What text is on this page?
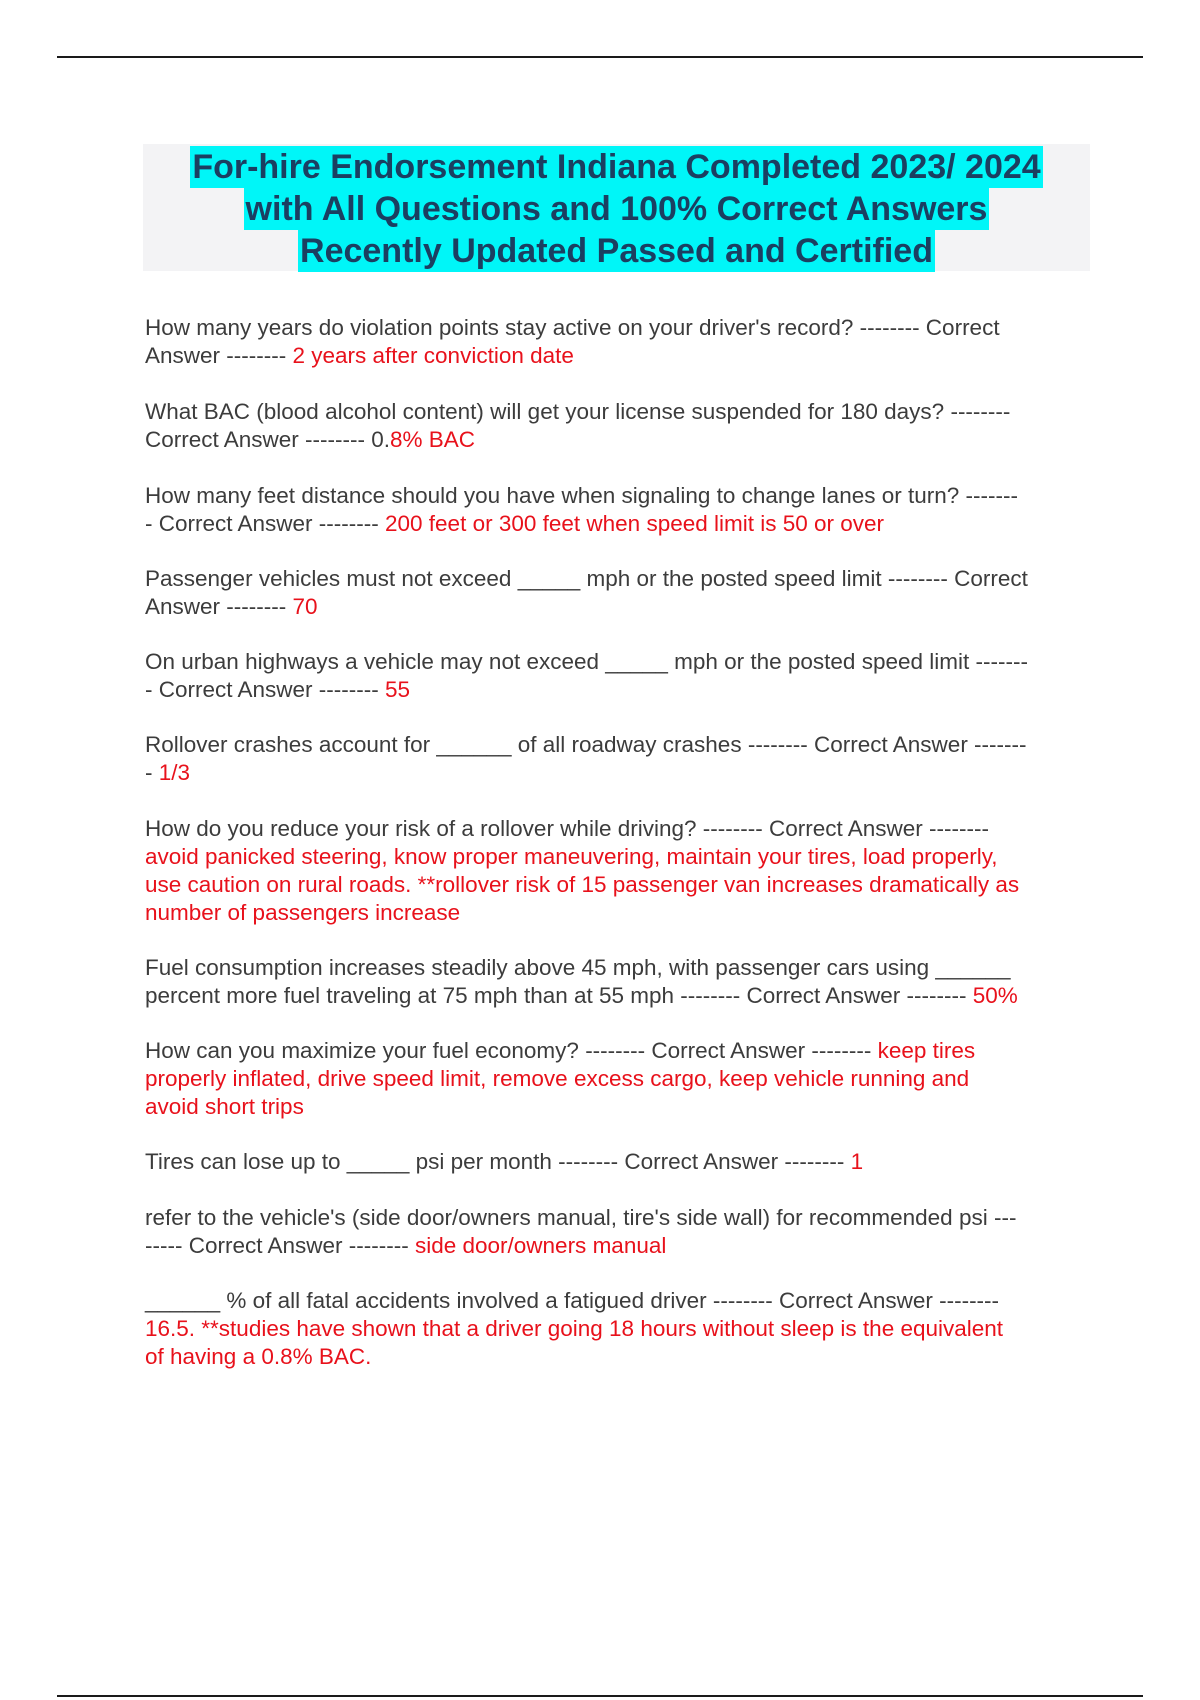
For-hire Endorsement Indiana Completed 2023/ 2024
with All Questions and 100% Correct Answers
Recently Updated Passed and Certified
How many years do violation points stay active on your driver's record? -------- Correct
Answer -------- 2 years after conviction date
What BAC (blood alcohol content) will get your license suspended for 180 days? --------
Correct Answer -------- 0.8% BAC
How many feet distance should you have when signaling to change lanes or turn? -------
- Correct Answer -------- 200 feet or 300 feet when speed limit is 50 or over
Passenger vehicles must not exceed _____ mph or the posted speed limit -------- Correct
Answer -------- 70
On urban highways a vehicle may not exceed _____ mph or the posted speed limit -------
- Correct Answer -------- 55
Rollover crashes account for ______ of all roadway crashes -------- Correct Answer -------
- 1/3
How do you reduce your risk of a rollover while driving? -------- Correct Answer --------
avoid panicked steering, know proper maneuvering, maintain your tires, load properly,
use caution on rural roads. **rollover risk of 15 passenger van increases dramatically as
number of passengers increase
Fuel consumption increases steadily above 45 mph, with passenger cars using ______
percent more fuel traveling at 75 mph than at 55 mph -------- Correct Answer -------- 50%
How can you maximize your fuel economy? -------- Correct Answer -------- keep tires
properly inflated, drive speed limit, remove excess cargo, keep vehicle running and
avoid short trips
Tires can lose up to _____ psi per month -------- Correct Answer -------- 1
refer to the vehicle's (side door/owners manual, tire's side wall) for recommended psi ---
----- Correct Answer -------- side door/owners manual
______ % of all fatal accidents involved a fatigued driver -------- Correct Answer --------
16.5. **studies have shown that a driver going 18 hours without sleep is the equivalent
of having a 0.8% BAC.
